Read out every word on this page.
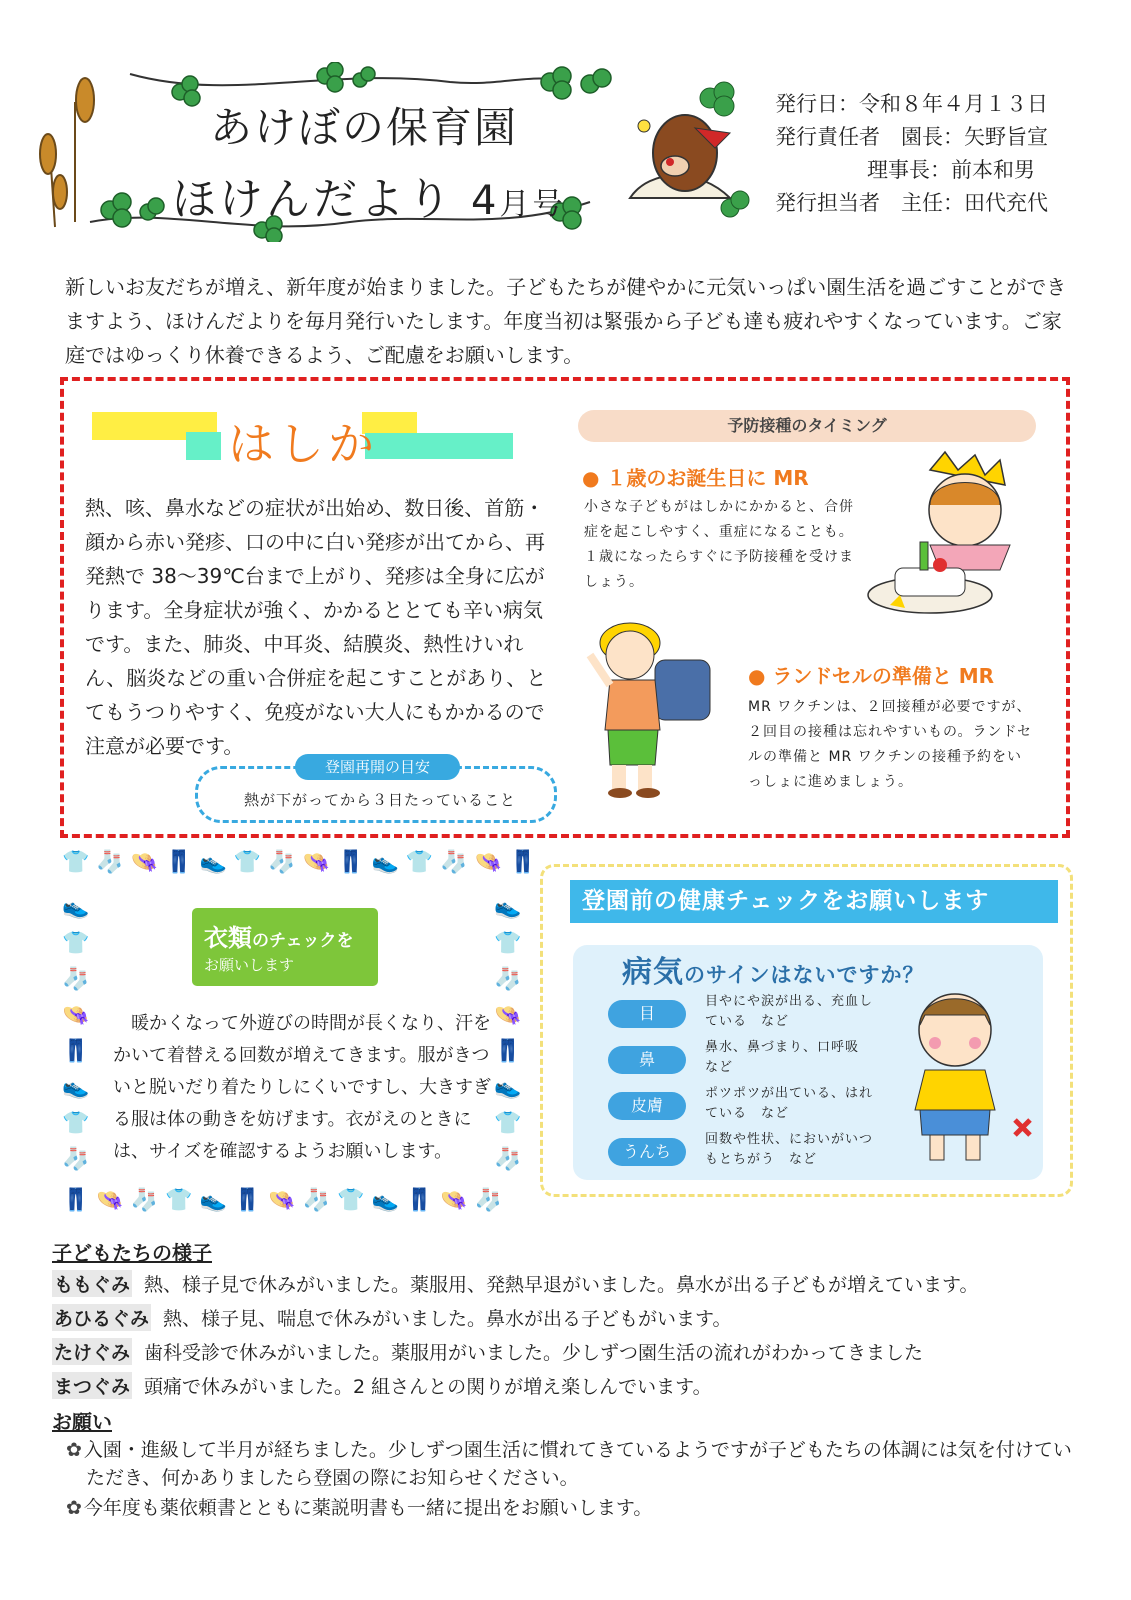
あけぼの保育園
ほけんだより 4月号
発行日：令和８年４月１３日
発行責任者　園長：矢野旨宣
理事長：前本和男
発行担当者　主任：田代充代
新しいお友だちが増え、新年度が始まりました。子どもたちが健やかに元気いっぱい園生活を過ごすことができますよう、ほけんだよりを毎月発行いたします。年度当初は緊張から子ども達も疲れやすくなっています。ご家庭ではゆっくり休養できるよう、ご配慮をお願いします。
はしか
熱、咳、鼻水などの症状が出始め、数日後、首筋・顔から赤い発疹、口の中に白い発疹が出てから、再発熱で 38～39℃台まで上がり、発疹は全身に広がります。全身症状が強く、かかるととても辛い病気です。また、肺炎、中耳炎、結膜炎、熱性けいれん、脳炎などの重い合併症を起こすことがあり、とてもうつりやすく、免疫がない大人にもかかるので注意が必要です。
登園再開の目安
熱が下がってから３日たっていること
予防接種のタイミング
● １歳のお誕生日に MR
小さな子どもがはしかにかかると、合併症を起こしやすく、重症になることも。１歳になったらすぐに予防接種を受けましょう。
● ランドセルの準備と MR
MR ワクチンは、２回接種が必要ですが、２回目の接種は忘れやすいもの。ランドセルの準備と MR ワクチンの接種予約をいっしょに進めましょう。
👕 🧦 👒 👖 👟 👕 🧦 👒 👖 👟 👕 🧦 👒 👖
👖 👒 🧦 👕 👟 👖 👒 🧦 👕 👟 👖 👒 🧦
👟
👕
🧦
👒
👖
👟
👕
🧦
👟
👕
🧦
👒
👖
👟
👕
🧦
衣類のチェックを
お願いします
暖かくなって外遊びの時間が長くなり、汗をかいて着替える回数が増えてきます。服がきついと脱いだり着たりしにくいですし、大きすぎる服は体の動きを妨げます。衣がえのときには、サイズを確認するようお願いします。
登園前の健康チェックをお願いします
病気のサインはないですか？
目
目やにや涙が出る、充血している　など
鼻
鼻水、鼻づまり、口呼吸　など
皮膚
ポツポツが出ている、はれている　など
うんち
回数や性状、においがいつもとちがう　など
子どもたちの様子
ももぐみ 熱、様子見で休みがいました。薬服用、発熱早退がいました。鼻水が出る子どもが増えています。
あひるぐみ 熱、様子見、喘息で休みがいました。鼻水が出る子どもがいます。
たけぐみ 歯科受診で休みがいました。薬服用がいました。少しずつ園生活の流れがわかってきました
まつぐみ 頭痛で休みがいました。2 組さんとの関りが増え楽しんでいます。
お願い
✿ 入園・進級して半月が経ちました。少しずつ園生活に慣れてきているようですが子どもたちの体調には気を付けていただき、何かありましたら登園の際にお知らせください。
✿ 今年度も薬依頼書とともに薬説明書も一緒に提出をお願いします。
